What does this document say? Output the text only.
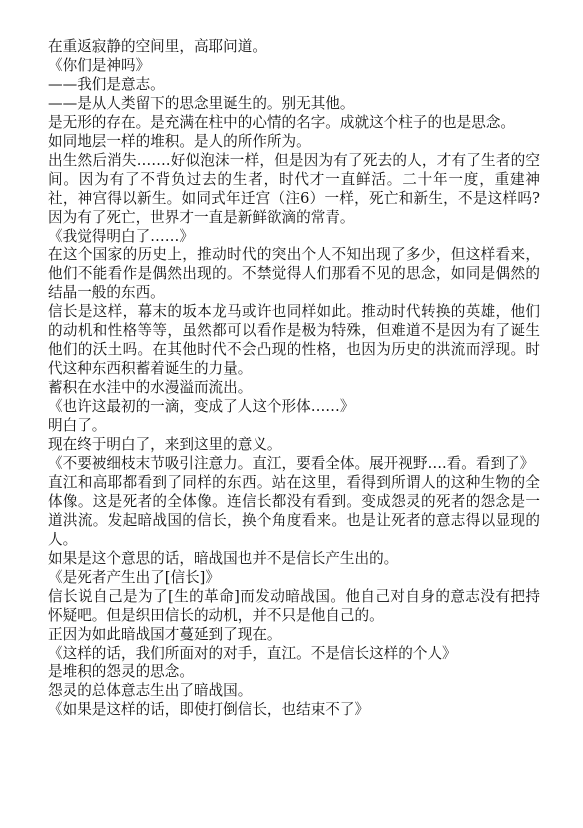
在重返寂静的空间里，高耶问道。

《你们是神吗》

——我们是意志。

——是从人类留下的思念里诞生的。别无其他。

是无形的存在。是充满在柱中的心情的名字。成就这个柱子的也是思念。

如同地层一样的堆积。是人的所作所为。

出生然后消失…….好似泡沫一样，但是因为有了死去的人，才有了生者的空间。因为有了不背负过去的生者，时代才一直鲜活。二十年一度，重建神社，神宫得以新生。如同式年迁宫（注6）一样，死亡和新生，不是这样吗?因为有了死亡，世界才一直是新鲜欲滴的常青。

《我觉得明白了……》

在这个国家的历史上，推动时代的突出个人不知出现了多少，但这样看来，他们不能看作是偶然出现的。不禁觉得人们那看不见的思念，如同是偶然的结晶一般的东西。

信长是这样，幕末的坂本龙马或许也同样如此。推动时代转换的英雄，他们的动机和性格等等，虽然都可以看作是极为特殊，但难道不是因为有了诞生他们的沃土吗。在其他时代不会凸现的性格，也因为历史的洪流而浮现。时代这种东西积蓄着诞生的力量。

蓄积在水洼中的水漫溢而流出。

《也许这最初的一滴，变成了人这个形体……》

明白了。

现在终于明白了，来到这里的意义。

《不要被细枝末节吸引注意力。直江，要看全体。展开视野….看。看到了》

直江和高耶都看到了同样的东西。站在这里，看得到所谓人的这种生物的全体像。这是死者的全体像。连信长都没有看到。变成怨灵的死者的怨念是一道洪流。发起暗战国的信长，换个角度看来。也是让死者的意志得以显现的人。

如果是这个意思的话，暗战国也并不是信长产生出的。

《是死者产生出了[信长]》

信长说自己是为了[生的革命]而发动暗战国。他自己对自身的意志没有把持怀疑吧。但是织田信长的动机，并不只是他自己的。

正因为如此暗战国才蔓延到了现在。

《这样的话，我们所面对的对手，直江。不是信长这样的个人》

是堆积的怨灵的思念。

怨灵的总体意志生出了暗战国。

《如果是这样的话，即使打倒信长，也结束不了》
